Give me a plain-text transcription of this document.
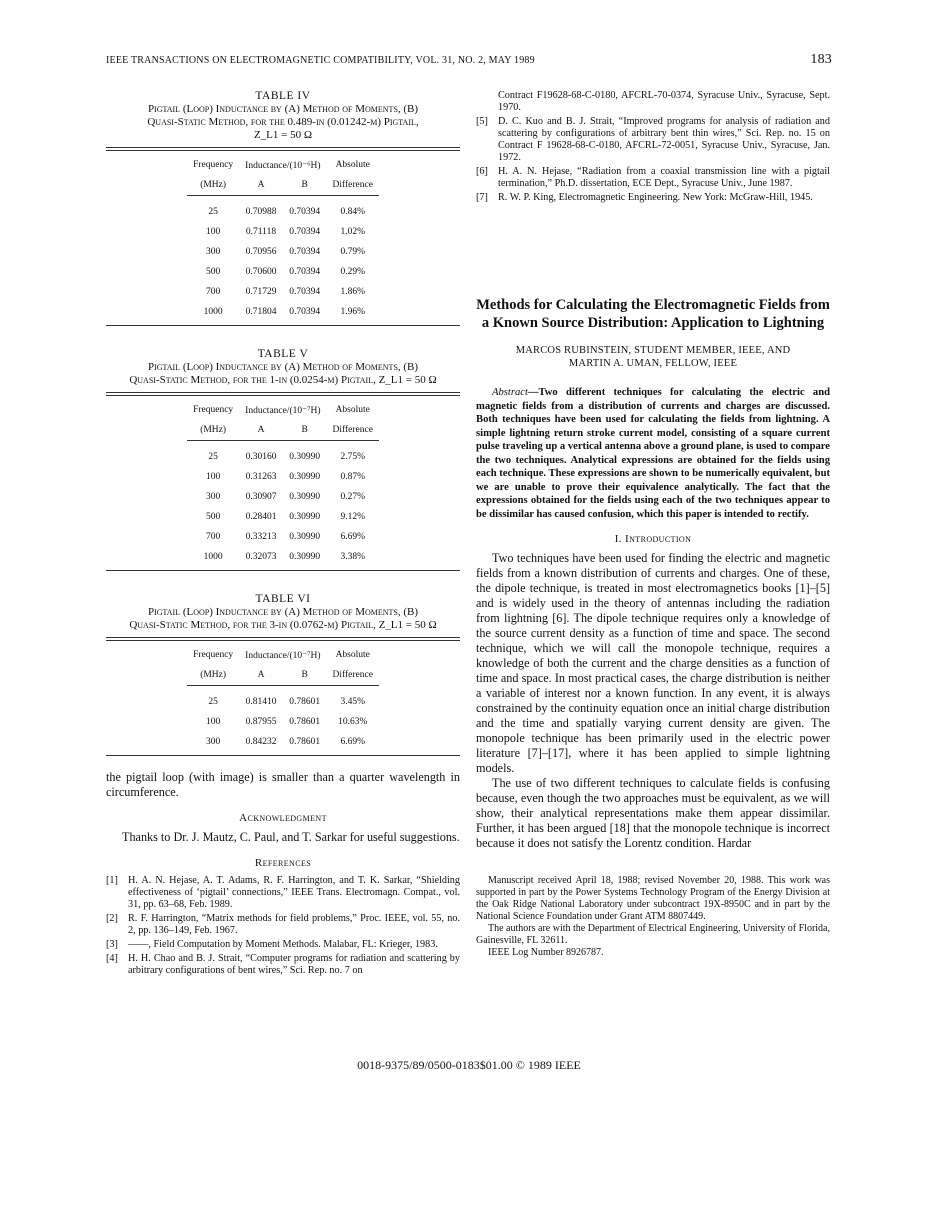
IEEE TRANSACTIONS ON ELECTROMAGNETIC COMPATIBILITY, VOL. 31, NO. 2, MAY 1989	183
TABLE IV
Pigtail (Loop) Inductance by (A) Method of Moments, (B)
Quasi-Static Method, for the 0.489-in (0.01242-m) Pigtail,
Z_L1 = 50 Ω
Frequency	Inductance/(10⁻⁶H)		Absolute
(MHz)	A	B	Difference

25	0.70988	0.70394	0.84%
100	0.71118	0.70394	1.02%
300	0.70956	0.70394	0.79%
500	0.70600	0.70394	0.29%
700	0.71729	0.70394	1.86%
1000	0.71804	0.70394	1.96%
TABLE V
Pigtail (Loop) Inductance by (A) Method of Moments, (B)
Quasi-Static Method, for the 1-in (0.0254-m) Pigtail, Z_L1 = 50 Ω
Frequency	Inductance/(10⁻⁷H)		Absolute
(MHz)	A	B	Difference

25	0.30160	0.30990	2.75%
100	0.31263	0.30990	0.87%
300	0.30907	0.30990	0.27%
500	0.28401	0.30990	9.12%
700	0.33213	0.30990	6.69%
1000	0.32073	0.30990	3.38%
TABLE VI
Pigtail (Loop) Inductance by (A) Method of Moments, (B)
Quasi-Static Method, for the 3-in (0.0762-m) Pigtail, Z_L1 = 50 Ω
Frequency	Inductance/(10⁻⁷H)		Absolute
(MHz)	A	B	Difference

25	0.81410	0.78601	3.45%
100	0.87955	0.78601	10.63%
300	0.84232	0.78601	6.69%
the pigtail loop (with image) is smaller than a quarter wavelength in circumference.
Acknowledgment
Thanks to Dr. J. Mautz, C. Paul, and T. Sarkar for useful suggestions.
References
[1] H. A. N. Hejase, A. T. Adams, R. F. Harrington, and T. K. Sarkar, “Shielding effectiveness of ‘pigtail’ connections,” IEEE Trans. Electromagn. Compat., vol. 31, pp. 63–68, Feb. 1989.
[2] R. F. Harrington, “Matrix methods for field problems,” Proc. IEEE, vol. 55, no. 2, pp. 136–149, Feb. 1967.
[3] ——, Field Computation by Moment Methods. Malabar, FL: Krieger, 1983.
[4] H. H. Chao and B. J. Strait, “Computer programs for radiation and scattering by arbitrary configurations of bent wires,” Sci. Rep. no. 7 on
Contract F19628-68-C-0180, AFCRL-70-0374, Syracuse Univ., Syracuse, Sept. 1970.
[5] D. C. Kuo and B. J. Strait, “Improved programs for analysis of radiation and scattering by configurations of arbitrary bent thin wires,” Sci. Rep. no. 15 on Contract F 19628-68-C-0180, AFCRL-72-0051, Syracuse Univ., Syracuse, Jan. 1972.
[6] H. A. N. Hejase, “Radiation from a coaxial transmission line with a pigtail termination,” Ph.D. dissertation, ECE Dept., Syracuse Univ., June 1987.
[7] R. W. P. King, Electromagnetic Engineering. New York: McGraw-Hill, 1945.
Methods for Calculating the Electromagnetic Fields from
a Known Source Distribution: Application to Lightning
MARCOS RUBINSTEIN, STUDENT MEMBER, IEEE, AND
MARTIN A. UMAN, FELLOW, IEEE
Abstract—Two different techniques for calculating the electric and magnetic fields from a distribution of currents and charges are discussed. Both techniques have been used for calculating the fields from lightning. A simple lightning return stroke current model, consisting of a square current pulse traveling up a vertical antenna above a ground plane, is used to compare the two techniques. Analytical expressions are obtained for the fields using each technique. These expressions are shown to be numerically equivalent, but we are unable to prove their equivalence analytically. The fact that the expressions obtained for the fields using each of the two techniques appear to be dissimilar has caused confusion, which this paper is intended to rectify.
I. Introduction
Two techniques have been used for finding the electric and magnetic fields from a known distribution of currents and charges. One of these, the dipole technique, is treated in most electromagnetics books [1]–[5] and is widely used in the theory of antennas including the radiation from lightning [6]. The dipole technique requires only a knowledge of the source current density as a function of time and space. The second technique, which we will call the monopole technique, requires a knowledge of both the current and the charge densities as a function of time and space. In most practical cases, the charge distribution is neither a variable of interest nor a known function. In any event, it is always constrained by the continuity equation once an initial charge distribution and the time and spatially varying current density are given. The monopole technique has been primarily used in the electric power literature [7]–[17], where it has been applied to simple lightning models.
The use of two different techniques to calculate fields is confusing because, even though the two approaches must be equivalent, as we will show, their analytical representations make them appear dissimilar. Further, it has been argued [18] that the monopole technique is incorrect because it does not satisfy the Lorentz condition. Hardar
Manuscript received April 18, 1988; revised November 20, 1988. This work was supported in part by the Power Systems Technology Program of the Energy Division at the Oak Ridge National Laboratory under subcontract 19X-8950C and in part by the National Science Foundation under Grant ATM 8807449.
The authors are with the Department of Electrical Engineering, University of Florida, Gainesville, FL 32611.
IEEE Log Number 8926787.
0018-9375/89/0500-0183$01.00 © 1989 IEEE
